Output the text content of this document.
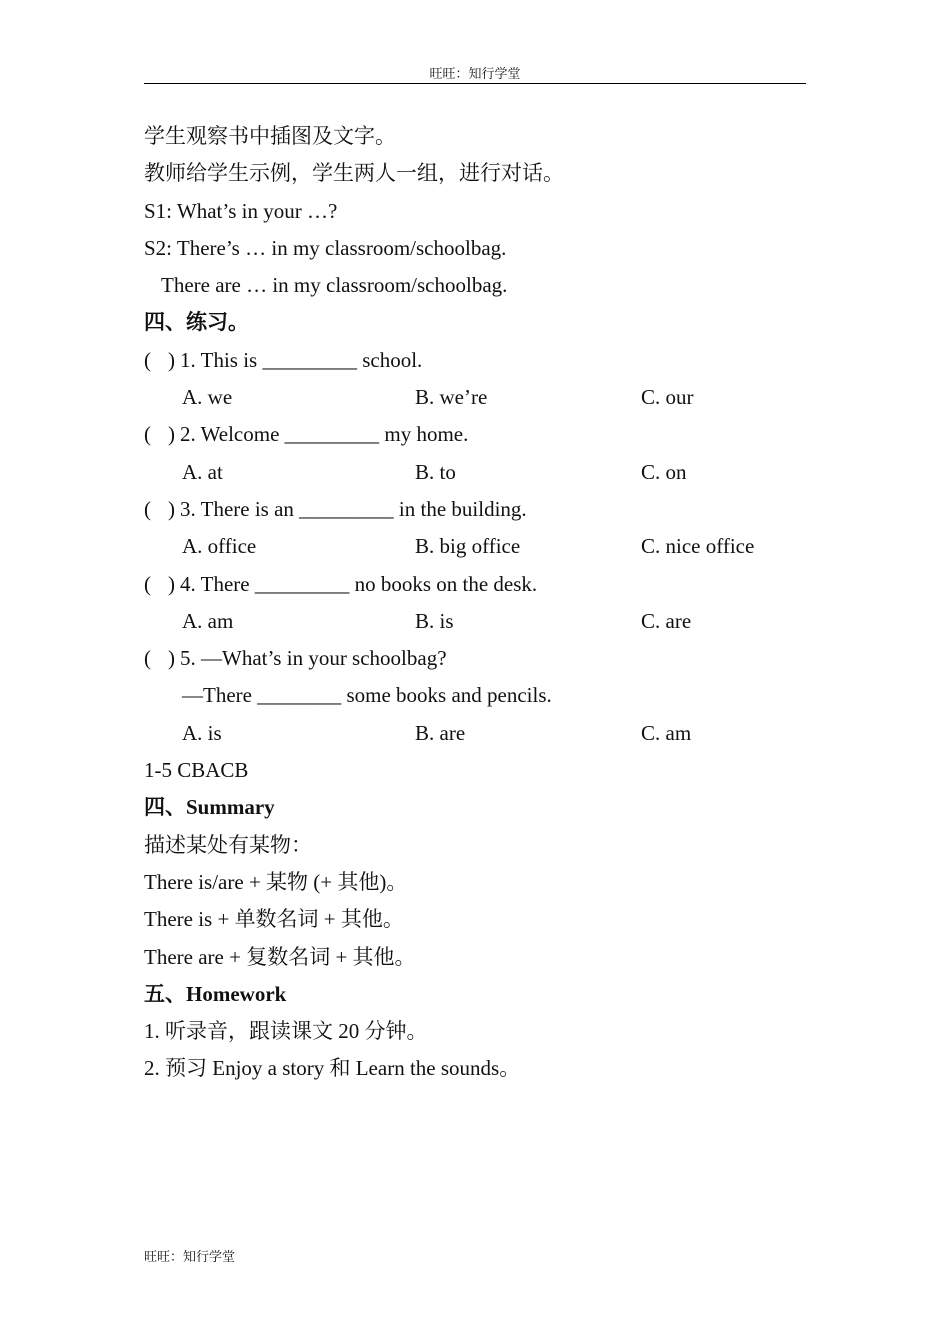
旺旺：知行学堂
学生观察书中插图及文字。
教师给学生示例，学生两人一组，进行对话。
S1: What’s in your …?
S2: There’s … in my classroom/schoolbag.
There are … in my classroom/schoolbag.
四、练习。
( ) 1. This is _________ school.
A. we	B. we’re	C. our
( ) 2. Welcome _________ my home.
A. at	B. to	C. on
( ) 3. There is an _________ in the building.
A. office	B. big office	C. nice office
( ) 4. There _________ no books on the desk.
A. am	B. is	C. are
( ) 5. —What’s in your schoolbag?
—There ________ some books and pencils.
A. is	B. are	C. am
1-5 CBACB
四、Summary
描述某处有某物：
There is/are + 某物 (+ 其他)。
There is + 单数名词 + 其他。
There are + 复数名词 + 其他。
五、Homework
1. 听录音，跟读课文 20 分钟。
2. 预习 Enjoy a story 和 Learn the sounds。
旺旺：知行学堂
